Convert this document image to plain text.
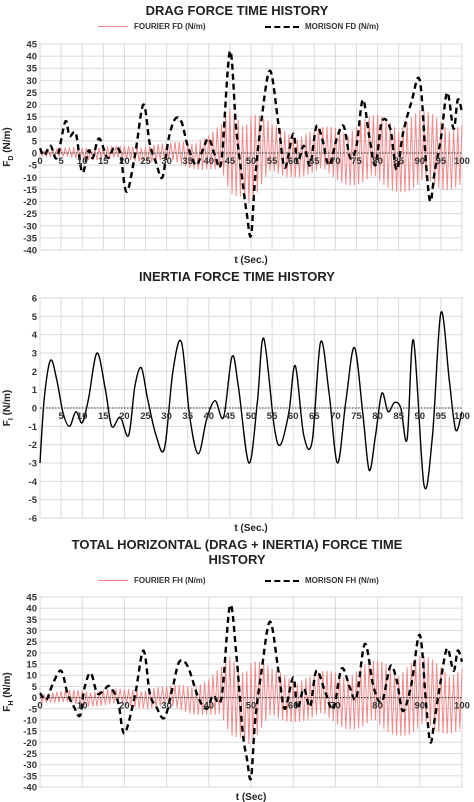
DRAG FORCE TIME HISTORY
FOURIER FD (N/m)	MORISON FD (N/m)
45
40
35
30
25
20
15
10
5
0
-5
-10
-15
-20
-25
-30
-35
-40
0 5 10 15 20 25 30 35 40 45 50 55 60 65 70 75 80 85 90 95 100
t (Sec.)
$F_D$ (N/m)
INERTIA FORCE TIME HISTORY
6
5
4
3
2
1
0
-1
-2
-3
-4
-5
-6
5 10 15 20 25 30 35 40 45 50 55 60 65 70 75 80 85 90 95 100
t (Sec.)
$F_I$ (N/m)
TOTAL HORIZONTAL (DRAG + INERTIA) FORCE TIME HISTORY
FOURIER FH (N/m)	MORISON FH (N/m)
45
40
35
30
25
20
15
10
5
0
-5
-10
-15
-20
-25
-30
-35
-40
0	10	20	30	40	50	60	70	80	90	100
t (Sec)
$F_H$ (N/m)
